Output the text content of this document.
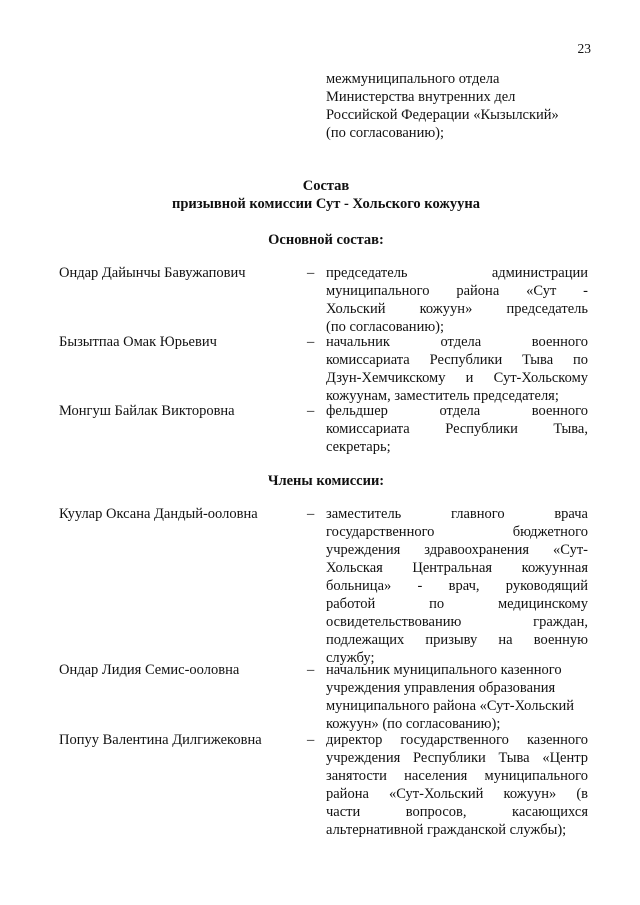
23
межмуниципального отдела
Министерства внутренних дел
Российской Федерации «Кызылский»
(по согласованию);
Состав
призывной комиссии Сут - Хольского кожууна
Основной состав:
Ондар Дайынчы Бавужапович	– председатель администрации
муниципального района «Сут -
Хольский кожуун» председатель
(по согласованию);
Бызытпаа Омак Юрьевич	– начальник отдела военного
комиссариата Республики Тыва по
Дзун-Хемчикскому и Сут-Хольскому
кожуунам, заместитель председателя;
Монгуш Байлак Викторовна	– фельдшер отдела военного
комиссариата Республики Тыва,
секретарь;
Члены комиссии:
Куулар Оксана Дандый-ооловна	– заместитель главного врача
государственного бюджетного
учреждения здравоохранения «Сут-
Хольская Центральная кожуунная
больница» - врач, руководящий
работой по медицинскому
освидетельствованию граждан,
подлежащих призыву на военную
службу;
Ондар Лидия Семис-ооловна	– начальник муниципального казенного
учреждения управления образования
муниципального района «Сут-Хольский
кожуун» (по согласованию);
Попуу Валентина Дилгижековна	– директор государственного казенного
учреждения Республики Тыва «Центр
занятости населения муниципального
района «Сут-Хольский кожуун» (в
части вопросов, касающихся
альтернативной гражданской службы);
